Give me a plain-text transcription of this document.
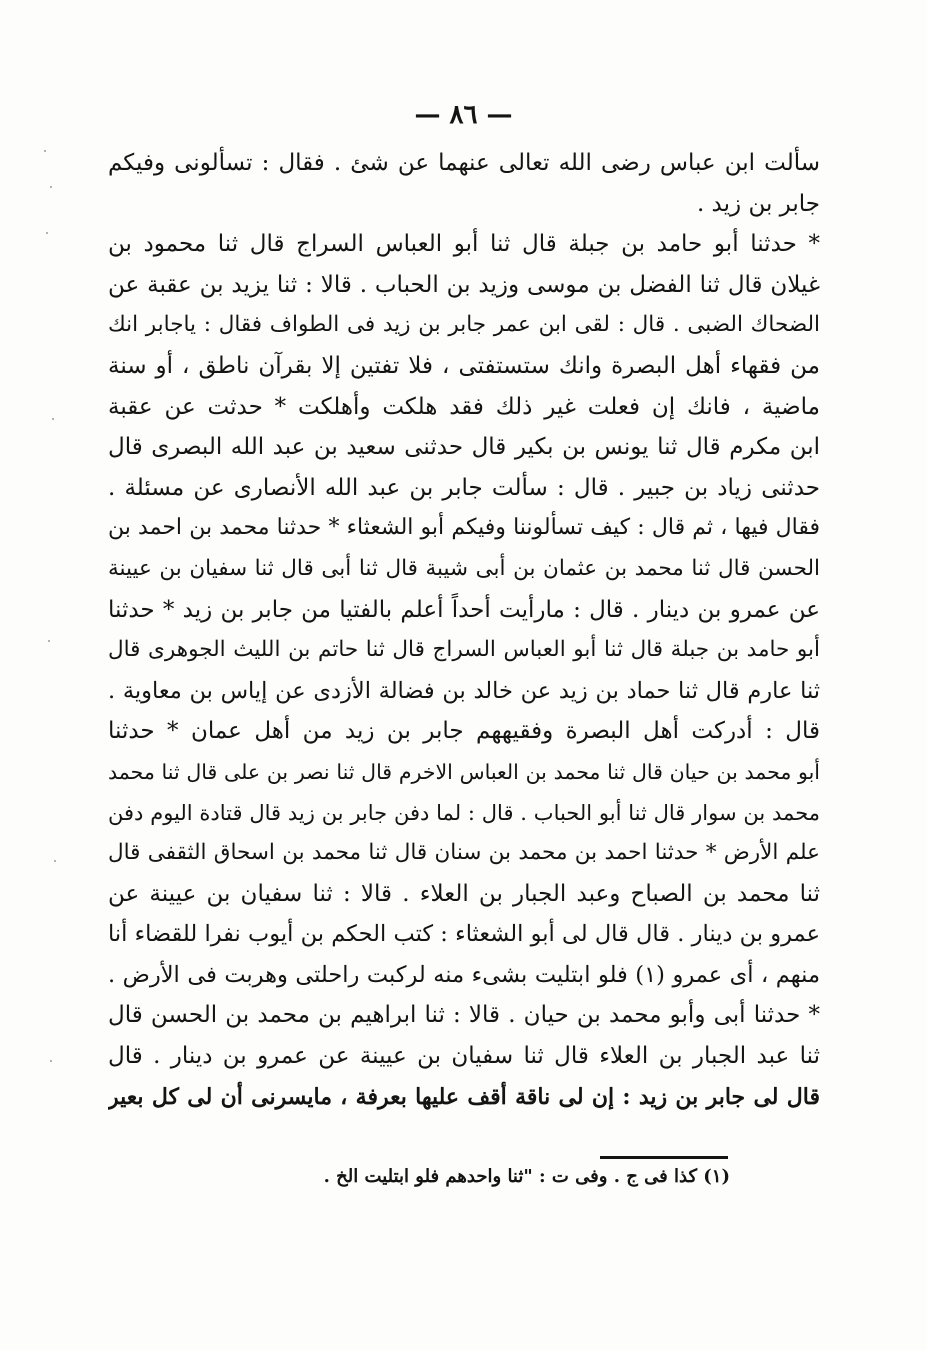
— ٨٦ —
سألت ابن عباس رضى الله تعالى عنهما عن شئ . فقال : تسألونى وفيكم
جابر بن زيد .
* حدثنا أبو حامد بن جبلة قال ثنا أبو العباس السراج قال ثنا محمود بن
غيلان قال ثنا الفضل بن موسى وزيد بن الحباب . قالا : ثنا يزيد بن عقبة عن
الضحاك الضبى . قال : لقى ابن عمر جابر بن زيد فى الطواف فقال : ياجابر انك
من فقهاء أهل البصرة وانك ستستفتى ، فلا تفتين إلا بقرآن ناطق ، أو سنة
ماضية ، فانك إن فعلت غير ذلك فقد هلكت وأهلكت * حدثت عن عقبة
ابن مكرم قال ثنا يونس بن بكير قال حدثنى سعيد بن عبد الله البصرى قال
حدثنى زياد بن جبير . قال : سألت جابر بن عبد الله الأنصارى عن مسئلة .
فقال فيها ، ثم قال : كيف تسألوننا وفيكم أبو الشعثاء * حدثنا محمد بن احمد بن
الحسن قال ثنا محمد بن عثمان بن أبى شيبة قال ثنا أبى قال ثنا سفيان بن عيينة
عن عمرو بن دينار . قال : مارأيت أحداً أعلم بالفتيا من جابر بن زيد * حدثنا
أبو حامد بن جبلة قال ثنا أبو العباس السراج قال ثنا حاتم بن الليث الجوهرى قال
ثنا عارم قال ثنا حماد بن زيد عن خالد بن فضالة الأزدى عن إياس بن معاوية .
قال : أدركت أهل البصرة وفقيههم جابر بن زيد من أهل عمان * حدثنا
أبو محمد بن حيان قال ثنا محمد بن العباس الاخرم قال ثنا نصر بن على قال ثنا محمد
محمد بن سوار قال ثنا أبو الحباب . قال : لما دفن جابر بن زيد قال قتادة اليوم دفن
علم الأرض * حدثنا احمد بن محمد بن سنان قال ثنا محمد بن اسحاق الثقفى قال
ثنا محمد بن الصباح وعبد الجبار بن العلاء . قالا : ثنا سفيان بن عيينة عن
عمرو بن دينار . قال قال لى أبو الشعثاء : كتب الحكم بن أيوب نفرا للقضاء أنا
منهم ، أى عمرو (١) فلو ابتليت بشىء منه لركبت راحلتى وهربت فى الأرض .
* حدثنا أبى وأبو محمد بن حيان . قالا : ثنا ابراهيم بن محمد بن الحسن قال
ثنا عبد الجبار بن العلاء قال ثنا سفيان بن عيينة عن عمرو بن دينار . قال
قال لى جابر بن زيد : إن لى ناقة أقف عليها بعرفة ، مايسرنى أن لى كل بعير
(١) كذا فى ج . وفى ت : "ثنا واحدهم فلو ابتليت الخ .
